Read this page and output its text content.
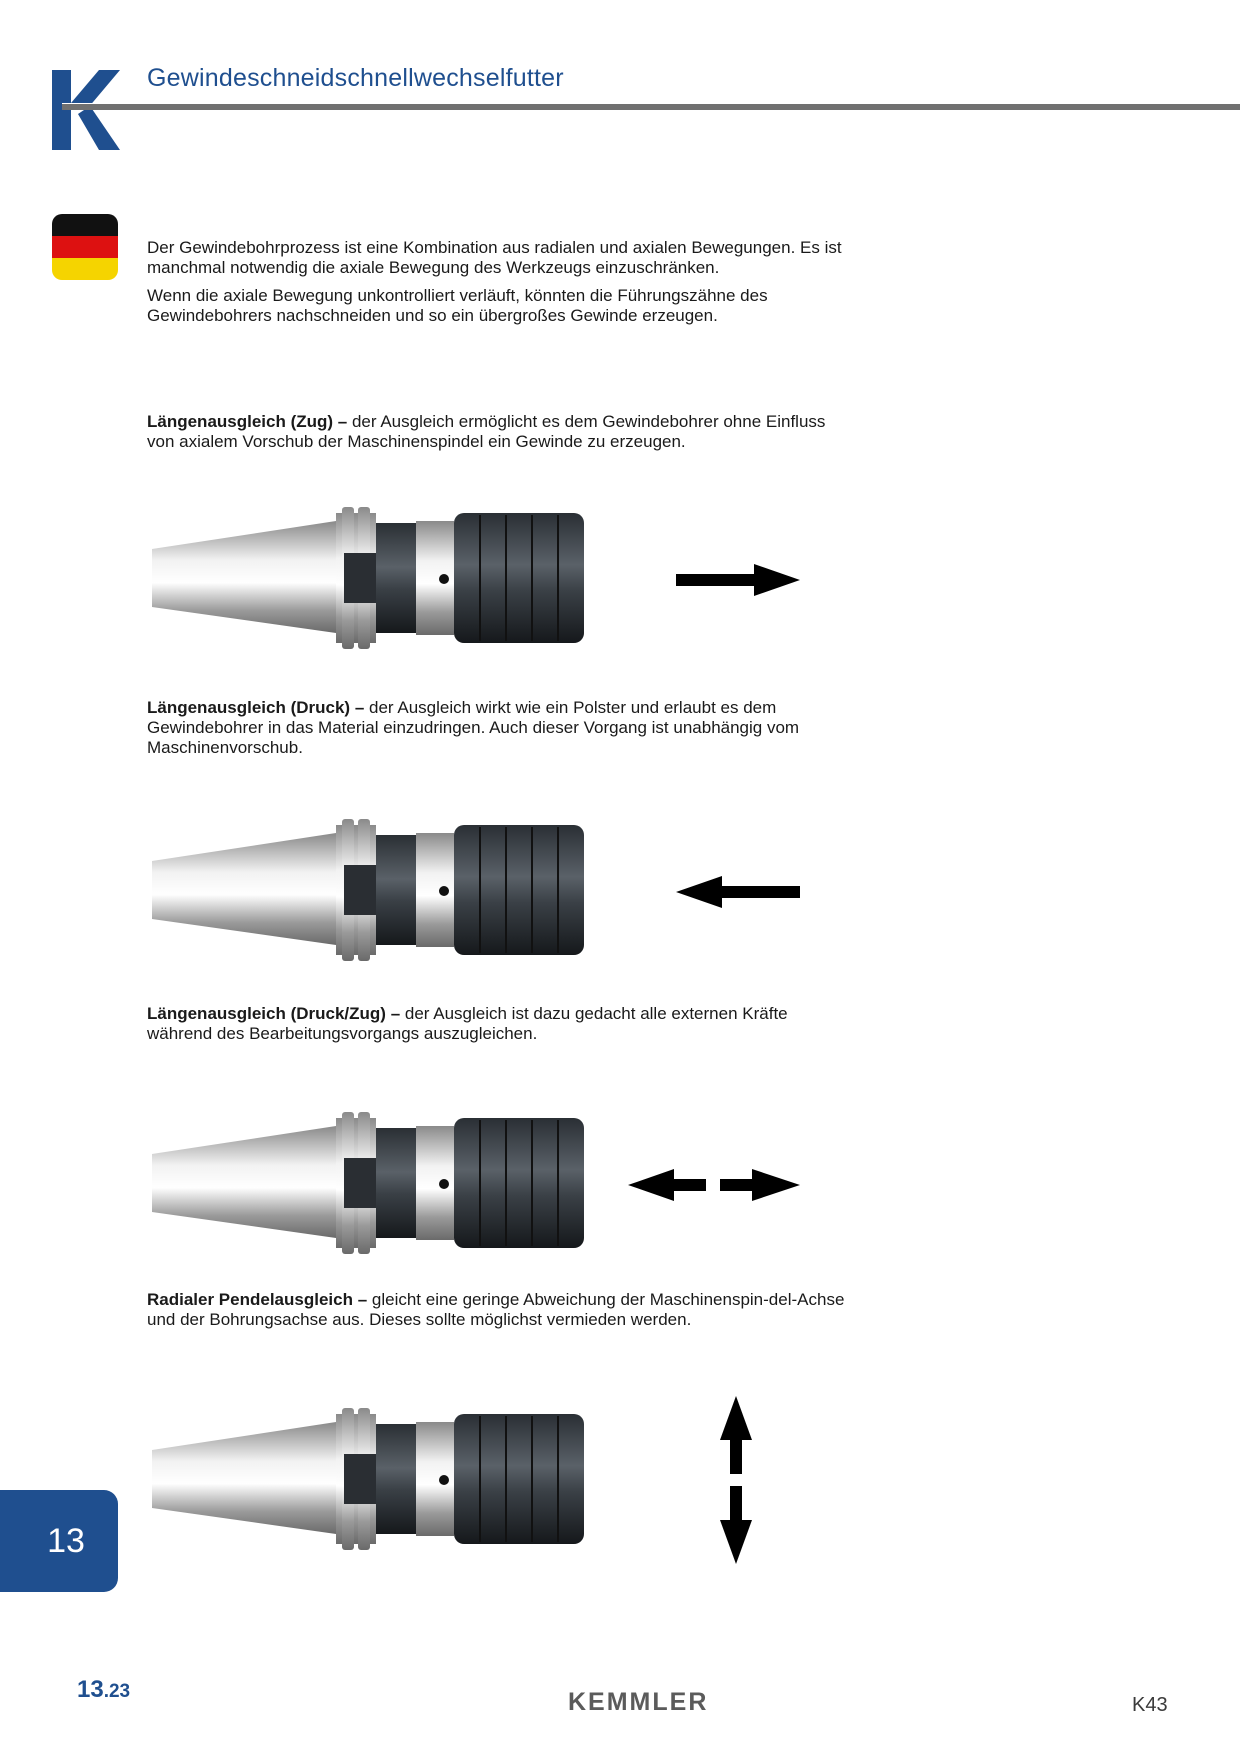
Gewindeschneidschnellwechselfutter

Der Gewindebohrprozess ist eine Kombination aus radialen und axialen Bewegungen. Es ist manchmal notwendig die axiale Bewegung des Werkzeugs einzuschränken.

Wenn die axiale Bewegung unkontrolliert verläuft, könnten die Führungszähne des Gewindebohrers nachschneiden und so ein übergroßes Gewinde erzeugen.

Längenausgleich (Zug) – der Ausgleich ermöglicht es dem Gewindebohrer ohne Einfluss von axialem Vorschub der Maschinenspindel ein Gewinde zu erzeugen.
Längenausgleich (Druck) – der Ausgleich wirkt wie ein Polster und erlaubt es dem Gewindebohrer in das Material einzudringen. Auch dieser Vorgang ist unabhängig vom Maschinenvorschub.
Längenausgleich (Druck/Zug) – der Ausgleich ist dazu gedacht alle externen Kräfte während des Bearbeitungsvorgangs auszugleichen.
Radialer Pendelausgleich – gleicht eine geringe Abweichung der Maschinenspin-del-Achse und der Bohrungsachse aus. Dieses sollte möglichst vermieden werden.
13
13.23	KEMMLER	K43
